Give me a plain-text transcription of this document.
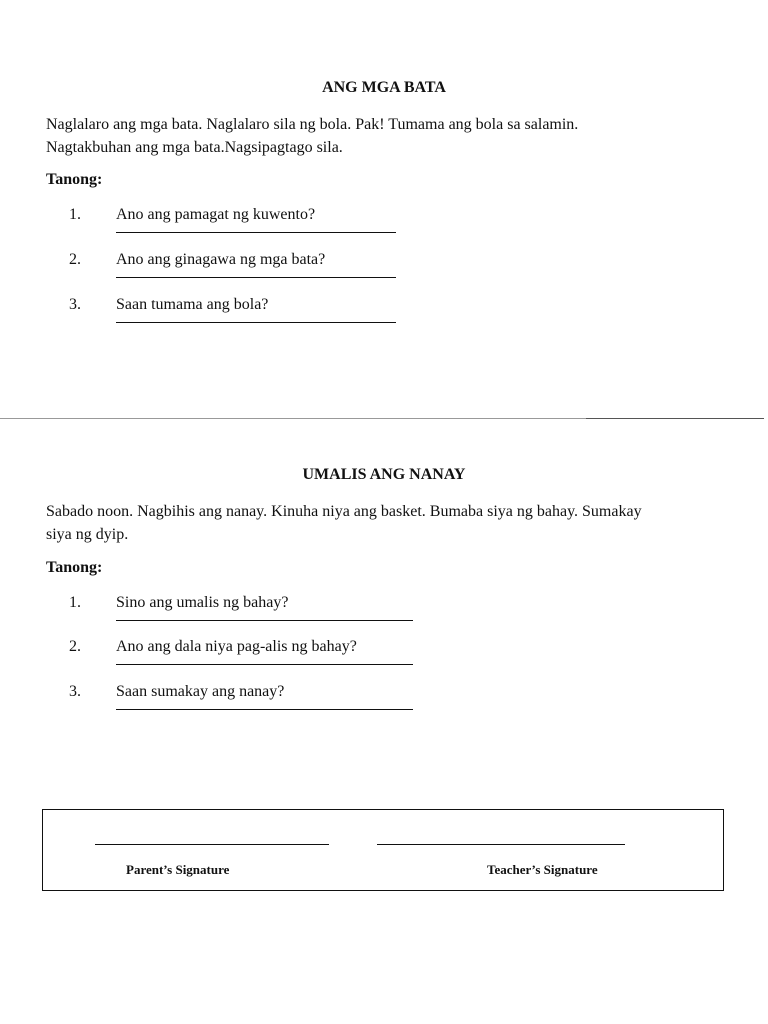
ANG MGA BATA
Naglalaro ang mga bata. Naglalaro sila ng bola. Pak! Tumama ang bola sa salamin.
Nagtakbuhan ang mga bata.Nagsipagtago sila.
Tanong:
1. Ano ang pamagat ng kuwento?
2. Ano ang ginagawa ng mga bata?
3. Saan tumama ang bola?
UMALIS ANG NANAY
Sabado noon. Nagbihis ang nanay. Kinuha niya ang basket. Bumaba siya ng bahay. Sumakay
siya ng dyip.
Tanong:
1. Sino ang umalis ng bahay?
2. Ano ang dala niya pag-alis ng bahay?
3. Saan sumakay ang nanay?
Parent’s Signature	Teacher’s Signature
